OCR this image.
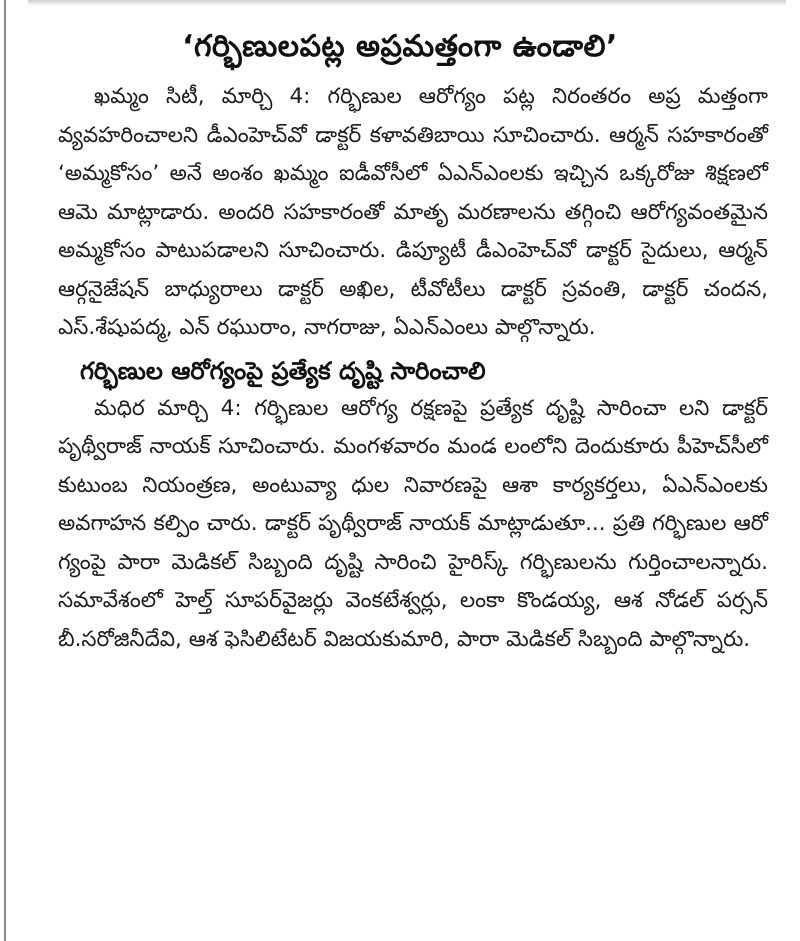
‘గర్భిణులపట్ల అప్రమత్తంగా ఉండాలి’

ఖమ్మం సిటీ, మార్చి 4: గర్భిణుల ఆరోగ్యం పట్ల నిరంతరం అప్ర మత్తంగా వ్యవహరించాలని డీఎంహెచ్‌వో డాక్టర్ కళావతిబాయి సూచించారు. ఆర్మన్ సహకారంతో ‘అమ్మకోసం’ అనే అంశం ఖమ్మం ఐడీవోసీలో ఏఎన్‌ఎంలకు ఇచ్చిన ఒక్కరోజు శిక్షణలో ఆమె మాట్లాడారు. అందరి సహకారంతో మాతృ మరణాలను తగ్గించి ఆరోగ్యవంతమైన అమ్మకోసం పాటుపడాలని సూచించారు. డిప్యూటీ డీఎంహెచ్‌వో డాక్టర్ సైదులు, ఆర్మన్ ఆర్గనైజేషన్ బాధ్యురాలు డాక్టర్ అఖిల, టీవోటీలు డాక్టర్ స్రవంతి, డాక్టర్ చందన, ఎస్.శేషుపద్మ, ఎన్ రఘురాం, నాగరాజు, ఏఎన్‌ఎంలు పాల్గొన్నారు.

గర్భిణుల ఆరోగ్యంపై ప్రత్యేక దృష్టి సారించాలి

మధిర మార్చి 4: గర్భిణుల ఆరోగ్య రక్షణపై ప్రత్యేక దృష్టి సారించా లని డాక్టర్ పృథ్వీరాజ్ నాయక్ సూచించారు. మంగళవారం మండ లంలోని దెందుకూరు పీహెచ్‌సీలో కుటుంబ నియంత్రణ, అంటువ్యా ధుల నివారణపై ఆశా కార్యకర్తలు, ఏఎన్‌ఎంలకు అవగాహన కల్పిం చారు. డాక్టర్ పృథ్వీరాజ్ నాయక్ మాట్లాడుతూ... ప్రతి గర్భిణుల ఆరో గ్యంపై పారా మెడికల్ సిబ్బంది దృష్టి సారించి హైరిస్క్ గర్భిణులను గుర్తించాలన్నారు. సమావేశంలో హెల్త్ సూపర్‌వైజర్లు వెంకటేశ్వర్లు, లంకా కొండయ్య, ఆశ నోడల్ పర్సన్ బీ.సరోజినీదేవి, ఆశ ఫెసిలిటేటర్ విజయకుమారి, పారా మెడికల్ సిబ్బంది పాల్గొన్నారు.
